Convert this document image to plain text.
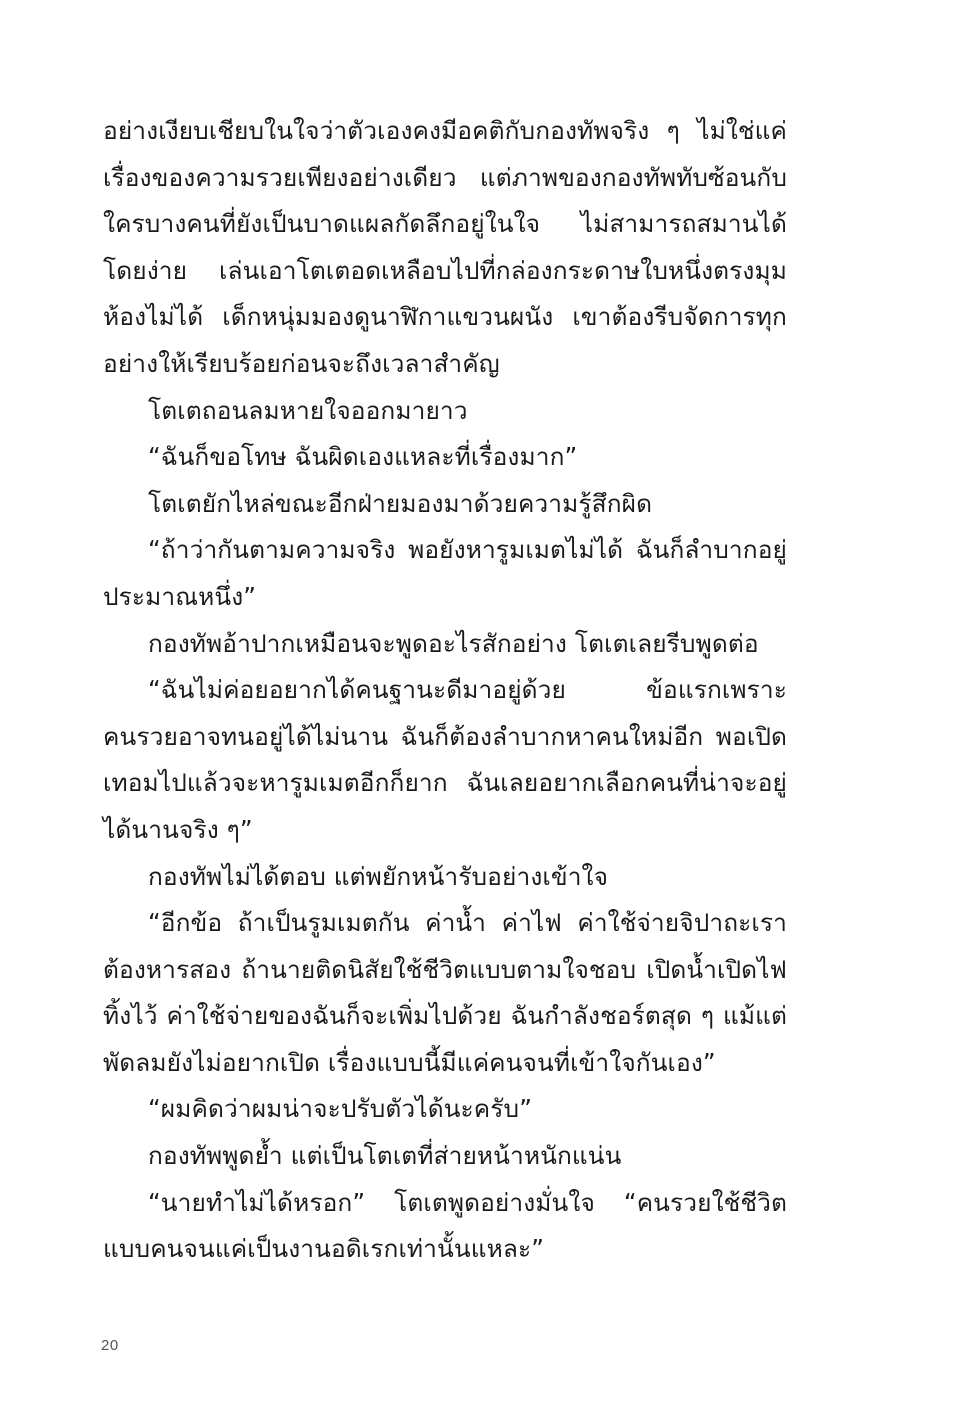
อย่างเงียบเชียบในใจว่าตัวเองคงมีอคติกับกองทัพจริง ๆ ไม่ใช่แค่เรื่องของความรวยเพียงอย่างเดียว แต่ภาพของกองทัพทับซ้อนกับใครบางคนที่ยังเป็นบาดแผลกัดลึกอยู่ในใจ ไม่สามารถสมานได้โดยง่าย เล่นเอาโตเตอดเหลือบไปที่กล่องกระดาษใบหนึ่งตรงมุมห้องไม่ได้ เด็กหนุ่มมองดูนาฬิกาแขวนผนัง เขาต้องรีบจัดการทุกอย่างให้เรียบร้อยก่อนจะถึงเวลาสำคัญ

โตเตถอนลมหายใจออกมายาว

“ฉันก็ขอโทษ ฉันผิดเองแหละที่เรื่องมาก”

โตเตยักไหล่ขณะอีกฝ่ายมองมาด้วยความรู้สึกผิด

“ถ้าว่ากันตามความจริง พอยังหารูมเมตไม่ได้ ฉันก็ลำบากอยู่ประมาณหนึ่ง”

กองทัพอ้าปากเหมือนจะพูดอะไรสักอย่าง โตเตเลยรีบพูดต่อ

“ฉันไม่ค่อยอยากได้คนฐานะดีมาอยู่ด้วย ข้อแรกเพราะคนรวยอาจทนอยู่ได้ไม่นาน ฉันก็ต้องลำบากหาคนใหม่อีก พอเปิดเทอมไปแล้วจะหารูมเมตอีกก็ยาก ฉันเลยอยากเลือกคนที่น่าจะอยู่ได้นานจริง ๆ”

กองทัพไม่ได้ตอบ แต่พยักหน้ารับอย่างเข้าใจ

“อีกข้อ ถ้าเป็นรูมเมตกัน ค่าน้ำ ค่าไฟ ค่าใช้จ่ายจิปาถะเราต้องหารสอง ถ้านายติดนิสัยใช้ชีวิตแบบตามใจชอบ เปิดน้ำเปิดไฟทิ้งไว้ ค่าใช้จ่ายของฉันก็จะเพิ่มไปด้วย ฉันกำลังชอร์ตสุด ๆ แม้แต่พัดลมยังไม่อยากเปิด เรื่องแบบนี้มีแค่คนจนที่เข้าใจกันเอง”

“ผมคิดว่าผมน่าจะปรับตัวได้นะครับ”

กองทัพพูดย้ำ แต่เป็นโตเตที่ส่ายหน้าหนักแน่น

“นายทำไม่ได้หรอก” โตเตพูดอย่างมั่นใจ “คนรวยใช้ชีวิตแบบคนจนแค่เป็นงานอดิเรกเท่านั้นแหละ”

20
